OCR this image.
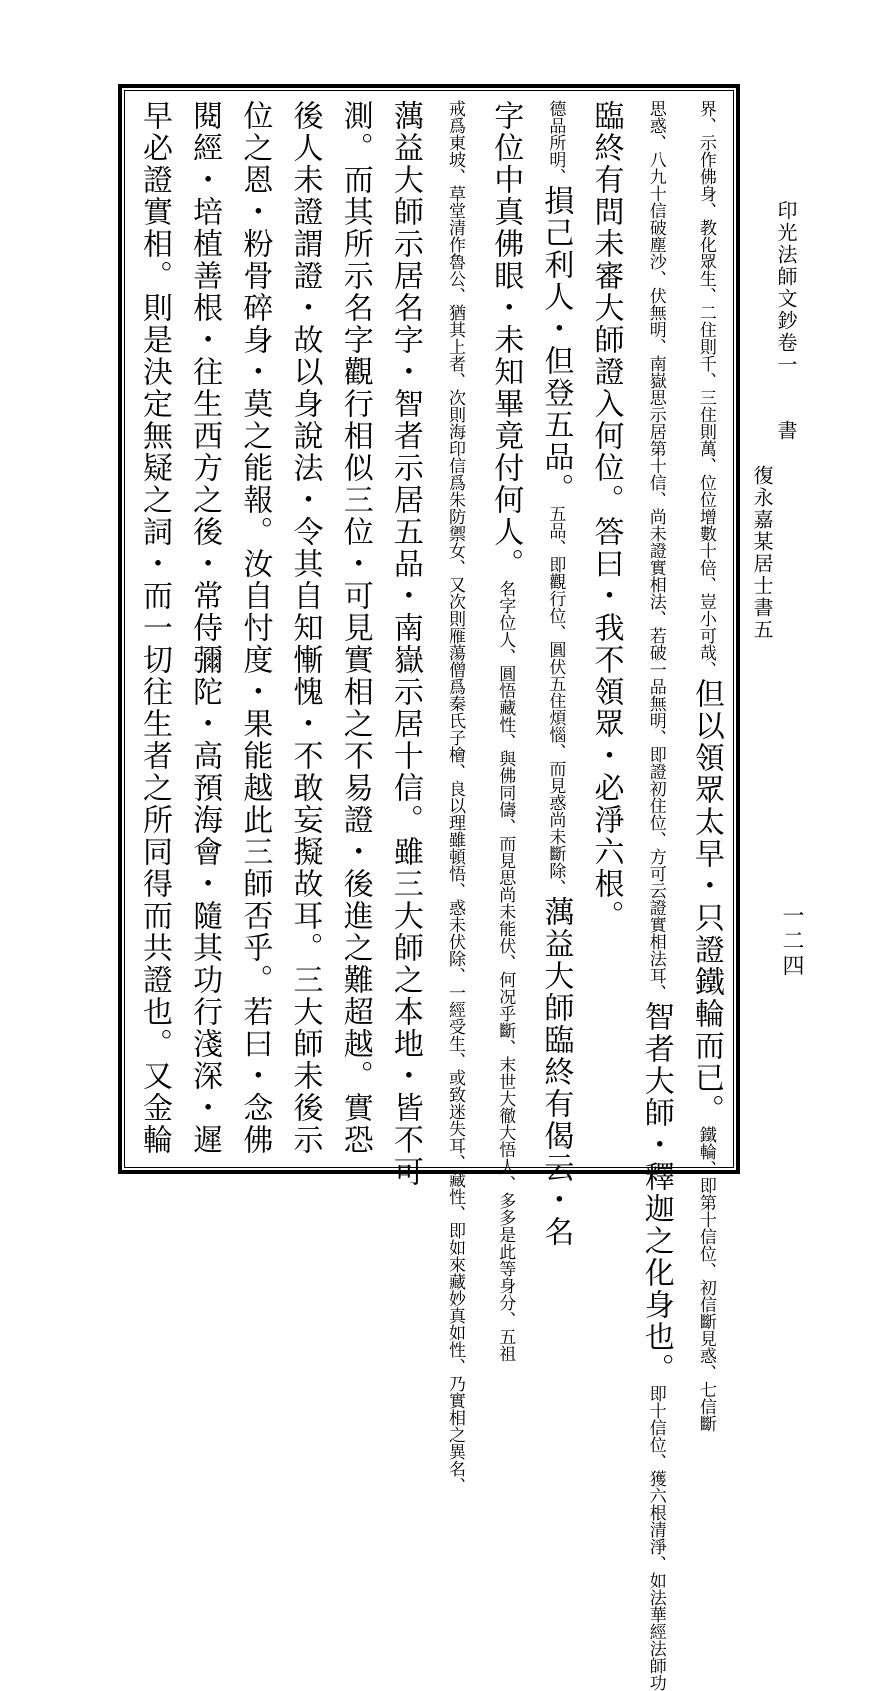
印光法師文鈔卷一
書
復永嘉某居士書五
一二四
界、示作佛身、教化眾生、二住則千、三住則萬、位位增數十倍、豈小可哉、但以領眾太早・只證鐵輪而已。鐵輪、即第十信位、初信斷見惑、七信斷
思惑、八九十信破塵沙、伏無明、南嶽思示居第十信、尚未證實相法、若破一品無明、即證初住位、方可云證實相法耳、智者大師・釋迦之化身也。即十信位、獲六根清淨、如法華經法師功
臨終有問未審大師證入何位。答曰・我不領眾・必淨六根。
德品所明、損己利人・但登五品。五品、即觀行位、圓伏五住煩惱、而見惑尚未斷除、蕅益大師臨終有偈云・名
字位中真佛眼・未知畢竟付何人。名字位人、圓悟藏性、與佛同儔、而見思尚未能伏、何况乎斷、末世大徹大悟人、多多是此等身分、五祖
戒爲東坡、草堂清作魯公、猶其上者、次則海印信爲朱防禦女、又次則雁蕩僧爲秦氏子檜、良以理雖頓悟、惑未伏除、一經受生、或致迷失耳、藏性、即如來藏妙真如性、乃實相之異名、
蕅益大師示居名字・智者示居五品・南嶽示居十信。雖三大師之本地・皆不可
測。而其所示名字觀行相似三位・可見實相之不易證・後進之難超越。實恐
後人未證謂證・故以身說法・令其自知慚愧・不敢妄擬故耳。三大師未後示
位之恩・粉骨碎身・莫之能報。汝自忖度・果能越此三師否乎。若曰・念佛
閱經・培植善根・往生西方之後・常侍彌陀・高預海會・隨其功行淺深・遲
早必證實相。則是決定無疑之詞・而一切往生者之所同得而共證也。又金輪
